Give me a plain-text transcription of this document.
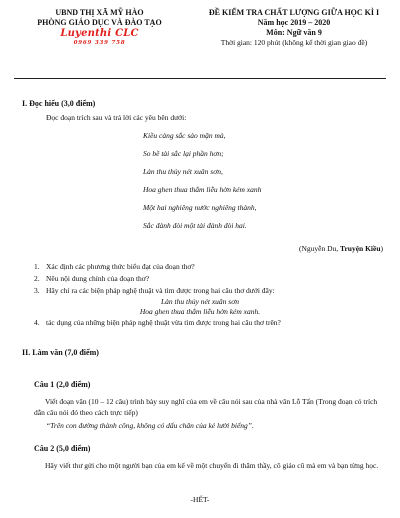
UBND THỊ XÃ MỸ HÀO
PHÒNG GIÁO DỤC VÀ ĐÀO TẠO
Luyenthi CLC
0969 339 758
ĐỀ KIỂM TRA CHẤT LƯỢNG GIỮA HỌC KÌ I
Năm học 2019 – 2020
Môn: Ngữ văn 9
Thời gian: 120 phút (không kể thời gian giao đề)
I. Đọc hiểu (3,0 điểm)
Đọc đoạn trích sau và trả lời các yêu bên dưới:
Kiều càng sắc sảo mặn mà,
So bề tài sắc lại phần hơn;
Làn thu thủy nét xuân sơn,
Hoa ghen thua thắm liễu hờn kém xanh
Một hai nghiêng nước nghiêng thành,
Sắc đành đòi một tài đành đòi hai.
(Nguyễn Du, Truyện Kiều)
1. Xác định các phương thức biểu đạt của đoạn thơ?
2. Nêu nội dung chính của đoạn thơ?
3. Hãy chỉ ra các biện pháp nghệ thuật và tìm được trong hai câu thơ dưới đây:
Làn thu thủy nét xuân sơn
Hoa ghen thua thắm liễu hờn kém xanh.
4. tác dụng của những biện pháp nghệ thuật vừa tìm được trong hai câu thơ trên?
II. Làm văn (7,0 điểm)
Câu 1 (2,0 điểm)
Viết đoạn văn (10 – 12 câu) trình bày suy nghĩ của em về câu nói sau của nhà văn Lỗ Tấn (Trong đoạn có trích dẫn câu nói đó theo cách trực tiếp)
“Trên con đường thành công, không có dấu chân của kẻ lười biếng”.
Câu 2 (5,0 điểm)
Hãy viết thư gửi cho một người bạn của em kể về một chuyến đi thăm thầy, cô giáo cũ mà em và bạn từng học.
-HẾT-
